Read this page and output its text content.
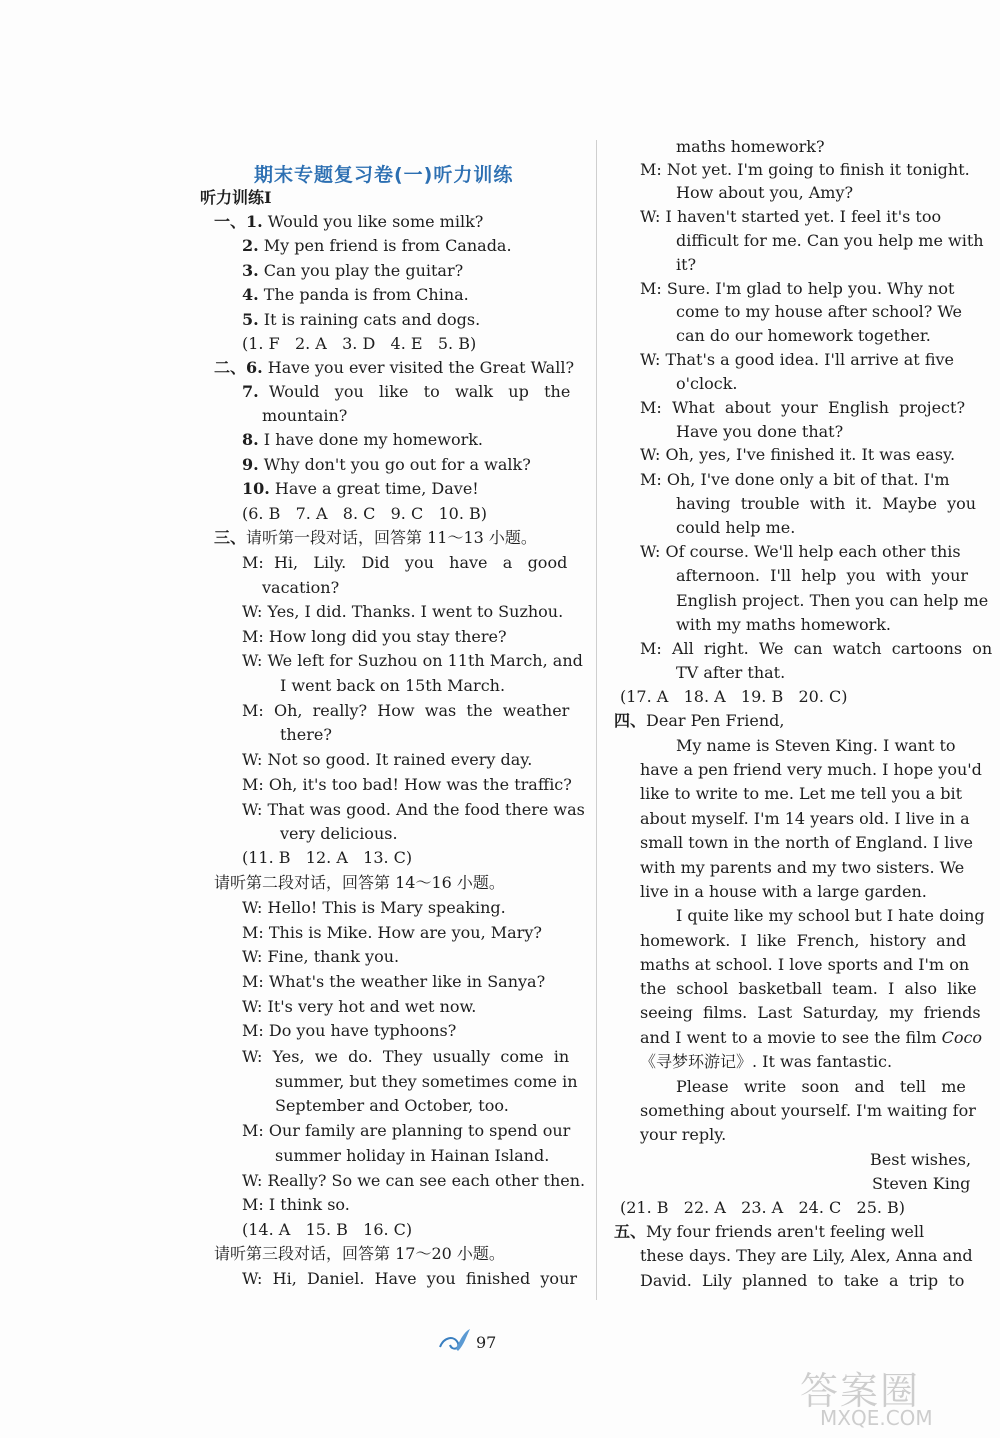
期末专题复习卷(一)听力训练
听力训练Ⅰ
一、1. Would you like some milk?
2. My pen friend is from Canada.
3. Can you play the guitar?
4. The panda is from China.
5. It is raining cats and dogs.
(1. F   2. A   3. D   4. E   5. B)
二、6. Have you ever visited the Great Wall?
7.  Would   you   like   to   walk   up   the
mountain?
8. I have done my homework.
9. Why don't you go out for a walk?
10. Have a great time, Dave!
(6. B   7. A   8. C   9. C   10. B)
三、请听第一段对话，回答第 11～13 小题。
M:  Hi,   Lily.   Did   you   have   a   good
vacation?
W: Yes, I did. Thanks. I went to Suzhou.
M: How long did you stay there?
W: We left for Suzhou on 11th March, and
I went back on 15th March.
M:  Oh,  really?  How  was  the  weather
there?
W: Not so good. It rained every day.
M: Oh, it's too bad! How was the traffic?
W: That was good. And the food there was
very delicious.
(11. B   12. A   13. C)
请听第二段对话，回答第 14～16 小题。
W: Hello! This is Mary speaking.
M: This is Mike. How are you, Mary?
W: Fine, thank you.
M: What's the weather like in Sanya?
W: It's very hot and wet now.
M: Do you have typhoons?
W:  Yes,  we  do.  They  usually  come  in
summer, but they sometimes come in
September and October, too.
M: Our family are planning to spend our
summer holiday in Hainan Island.
W: Really? So we can see each other then.
M: I think so.
(14. A   15. B   16. C)
请听第三段对话，回答第 17～20 小题。
W:  Hi,  Daniel.  Have  you  finished  your
maths homework?
M: Not yet. I'm going to finish it tonight.
How about you, Amy?
W: I haven't started yet. I feel it's too
difficult for me. Can you help me with
it?
M: Sure. I'm glad to help you. Why not
come to my house after school? We
can do our homework together.
W: That's a good idea. I'll arrive at five
o'clock.
M:  What  about  your  English  project?
Have you done that?
W: Oh, yes, I've finished it. It was easy.
M: Oh, I've done only a bit of that. I'm
having  trouble  with  it.  Maybe  you
could help me.
W: Of course. We'll help each other this
afternoon.  I'll  help  you  with  your
English project. Then you can help me
with my maths homework.
M:  All  right.  We  can  watch  cartoons  on
TV after that.
(17. A   18. A   19. B   20. C)
四、Dear Pen Friend,
My name is Steven King. I want to
have a pen friend very much. I hope you'd
like to write to me. Let me tell you a bit
about myself. I'm 14 years old. I live in a
small town in the north of England. I live
with my parents and my two sisters. We
live in a house with a large garden.
I quite like my school but I hate doing
homework.  I  like  French,  history  and
maths at school. I love sports and I'm on
the  school  basketball  team.  I  also  like
seeing  films.  Last  Saturday,  my  friends
and I went to a movie to see the film Coco
《寻梦环游记》. It was fantastic.
Please   write   soon   and   tell   me
something about yourself. I'm waiting for
your reply.
Best wishes,
Steven King
(21. B   22. A   23. A   24. C   25. B)
五、My four friends aren't feeling well
these days. They are Lily, Alex, Anna and
David.  Lily  planned  to  take  a  trip  to
97
答案圈
MXQE.COM
